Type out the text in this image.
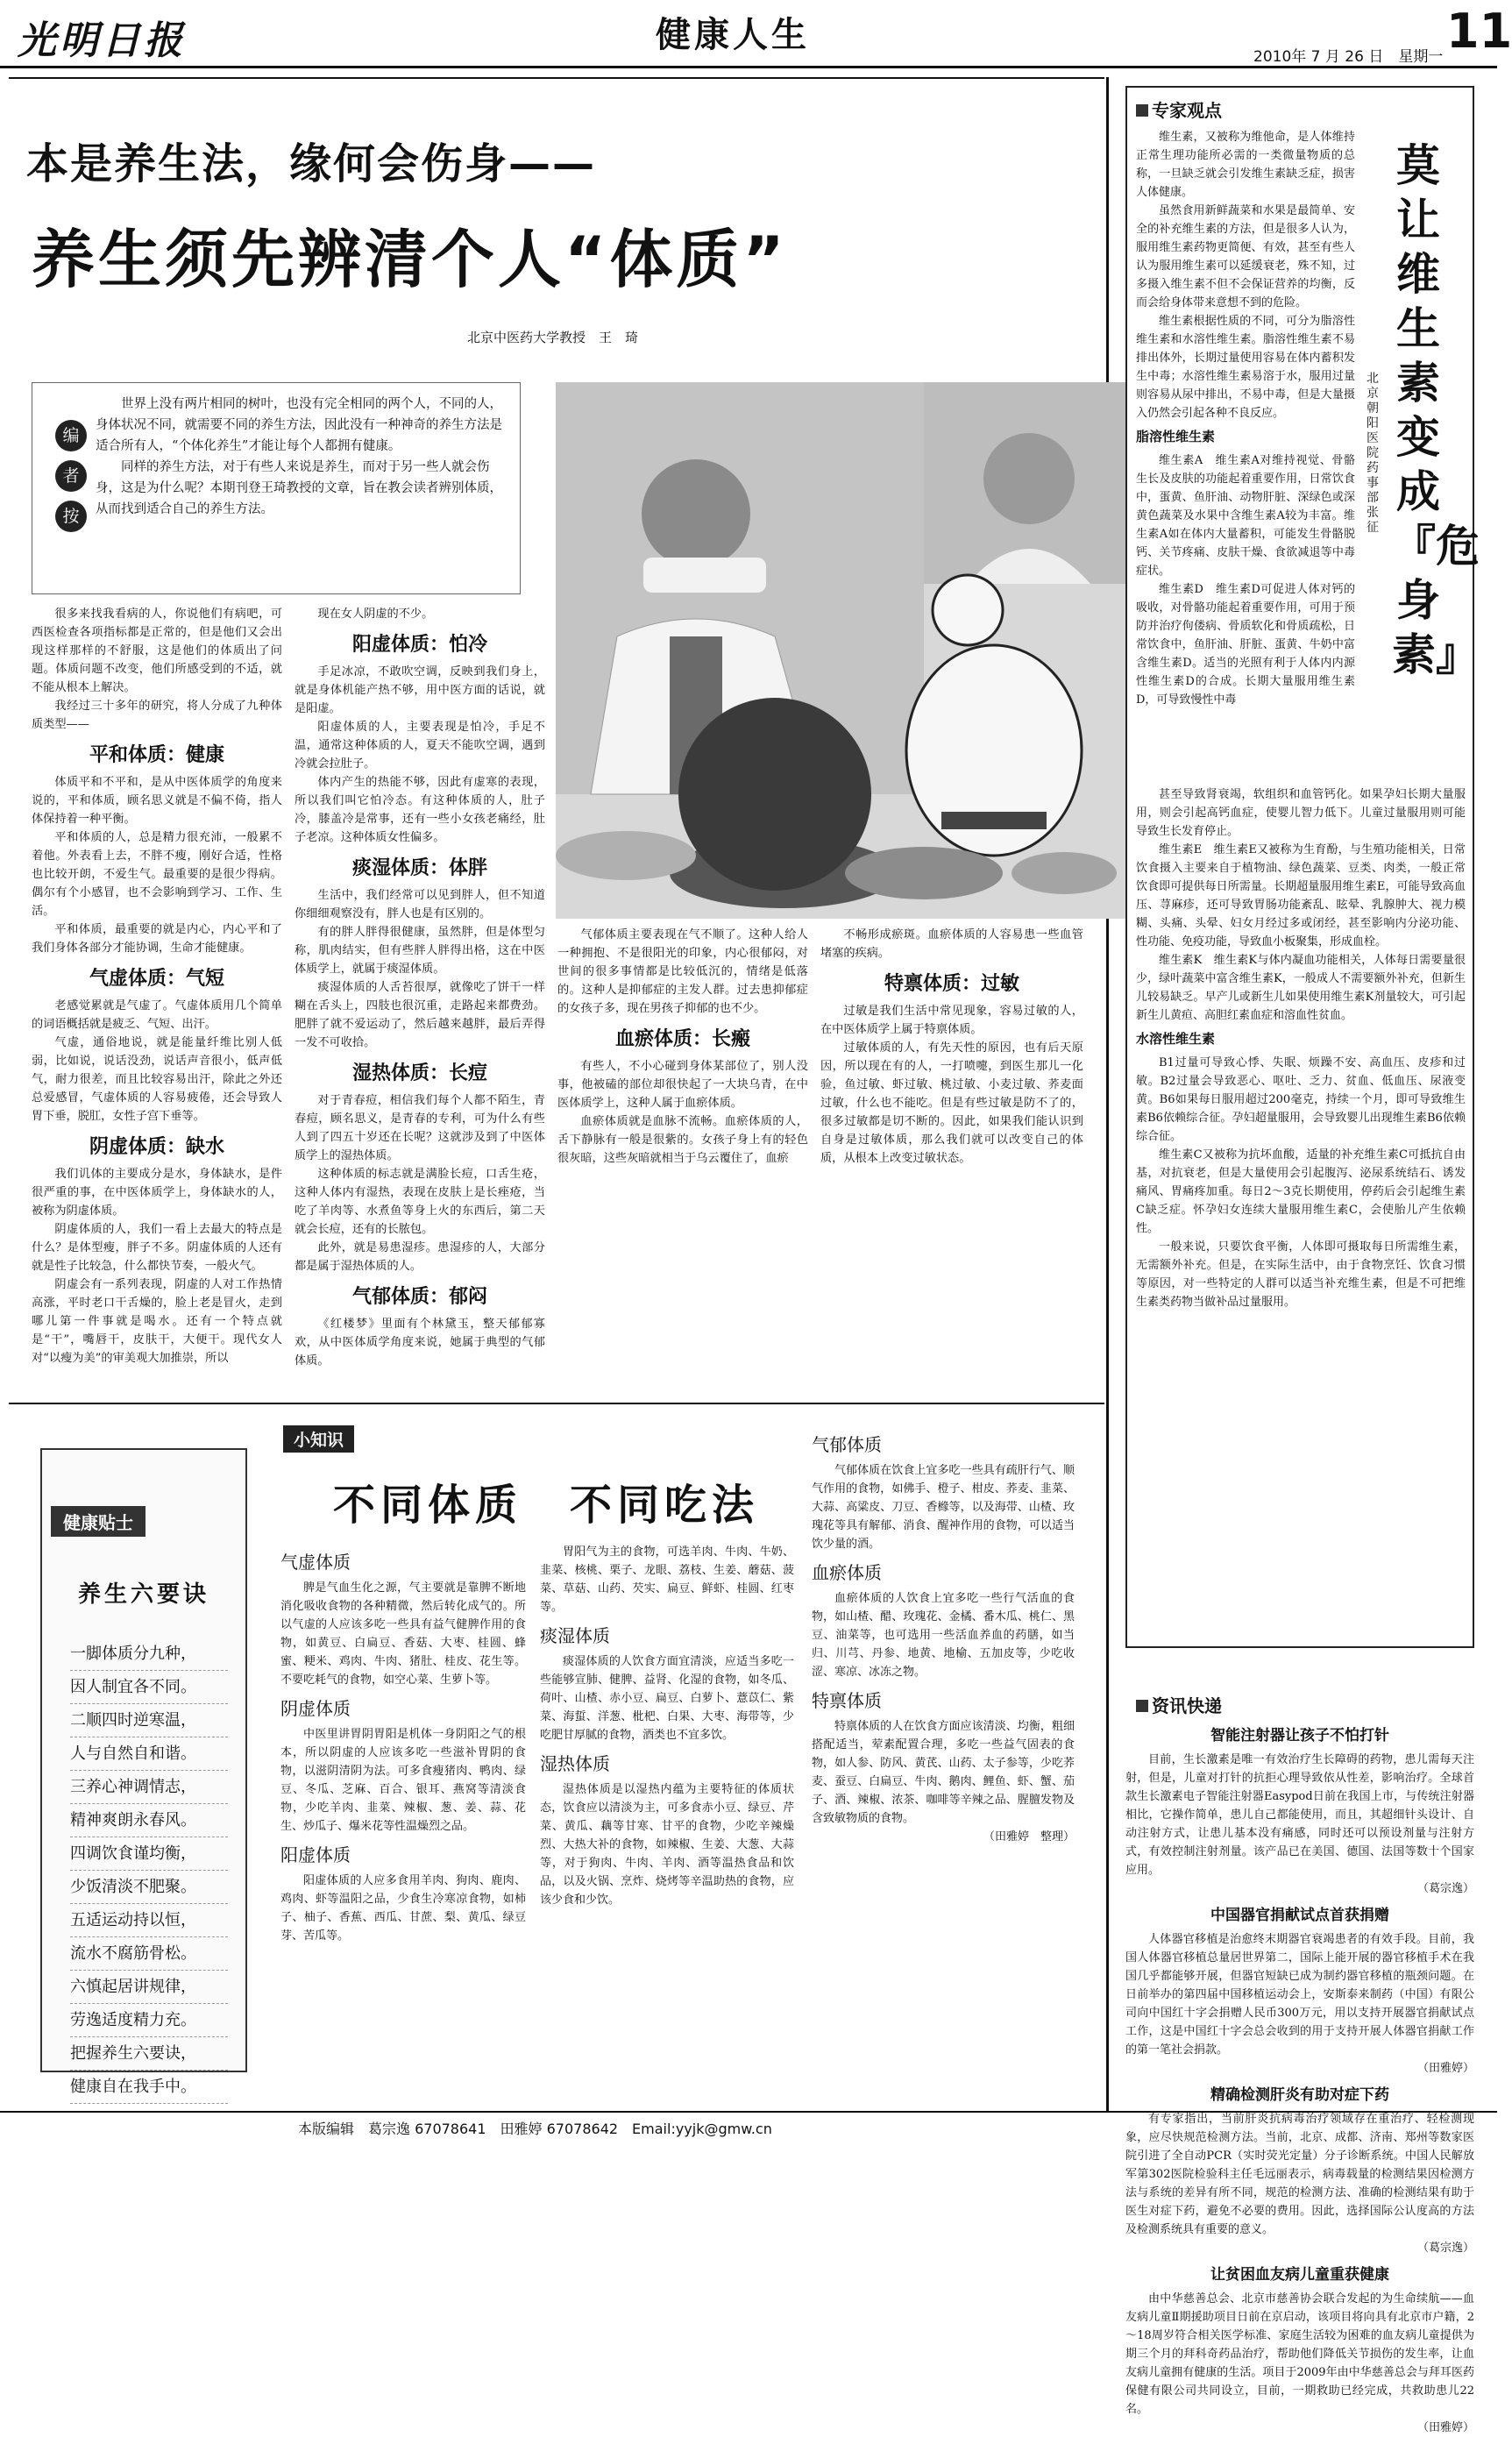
光明日报	健康人生
2010年 7 月 26 日　星期一 11
本是养生法，缘何会伤身——
养生须先辨清个人“体质”
北京中医药大学教授　王　琦
编
者
按

世界上没有两片相同的树叶，也没有完全相同的两个人，不同的人，身体状况不同，就需要不同的养生方法，因此没有一种神奇的养生方法是适合所有人，“个体化养生”才能让每个人都拥有健康。

同样的养生方法，对于有些人来说是养生，而对于另一些人就会伤身，这是为什么呢？本期刊登王琦教授的文章，旨在教会读者辨别体质，从而找到适合自己的养生方法。

很多来找我看病的人，你说他们有病吧，可西医检查各项指标都是正常的，但是他们又会出现这样那样的不舒服，这是他们的体质出了问题。体质问题不改变，他们所感受到的不适，就不能从根本上解决。

我经过三十多年的研究，将人分成了九种体质类型——

平和体质：健康

体质平和不平和，是从中医体质学的角度来说的，平和体质，顾名思义就是不偏不倚，指人体保持着一种平衡。

平和体质的人，总是精力很充沛，一般累不着他。外表看上去，不胖不瘦，刚好合适，性格也比较开朗，不爱生气。最重要的是很少得病。偶尔有个小感冒，也不会影响到学习、工作、生活。

平和体质，最重要的就是内心，内心平和了我们身体各部分才能协调，生命才能健康。

气虚体质：气短

老感觉累就是气虚了。气虚体质用几个简单的词语概括就是疲乏、气短、出汗。

气虚，通俗地说，就是能量纤维比别人低弱，比如说，说话没劲，说话声音很小，低声低气，耐力很差，而且比较容易出汗，除此之外还总爱感冒，气虚体质的人容易疲倦，还会导致人胃下垂，脱肛，女性子宫下垂等。

阴虚体质：缺水

我们讥体的主要成分是水，身体缺水，是件很严重的事，在中医体质学上，身体缺水的人，被称为阴虚体质。

阴虚体质的人，我们一看上去最大的特点是什么？是体型瘦，胖子不多。阴虚体质的人还有就是性子比较急，什么都快节奏，一般火气。

阴虚会有一系列表现，阴虚的人对工作热情高涨，平时老口干舌燥的，脸上老是冒火，走到哪儿第一件事就是喝水。还有一个特点就是“干”，嘴唇干，皮肤干，大便干。现代女人对“以瘦为美”的审美观大加推崇，所以

现在女人阴虚的不少。

阳虚体质：怕冷

手足冰凉，不敢吹空调，反映到我们身上，就是身体机能产热不够，用中医方面的话说，就是阳虚。

阳虚体质的人，主要表现是怕冷，手足不温，通常这种体质的人，夏天不能吹空调，遇到冷就会拉肚子。

体内产生的热能不够，因此有虚寒的表现，所以我们叫它怕冷态。有这种体质的人，肚子冷，膝盖冷是常事，还有一些小女孩老痛经，肚子老凉。这种体质女性偏多。

痰湿体质：体胖

生活中，我们经常可以见到胖人，但不知道你细细观察没有，胖人也是有区别的。

有的胖人胖得很健康，虽然胖，但是体型匀称，肌肉结实，但有些胖人胖得出格，这在中医体质学上，就属于痰湿体质。

痰湿体质的人舌苔很厚，就像吃了饼干一样糊在舌头上，四肢也很沉重，走路起来都费劲。肥胖了就不爱运动了，然后越来越胖，最后弄得一发不可收拾。

湿热体质：长痘

对于青春痘，相信我们每个人都不陌生，青春痘，顾名思义，是青春的专利，可为什么有些人到了四五十岁还在长呢？这就涉及到了中医体质学上的湿热体质。

这种体质的标志就是满脸长痘，口舌生疮，这种人体内有湿热，表现在皮肤上是长痤疮，当吃了羊肉等、水煮鱼等身上火的东西后，第二天就会长痘，还有的长脓包。

此外，就是易患湿疹。患湿疹的人，大部分都是属于湿热体质的人。

气郁体质：郁闷

《红楼梦》里面有个林黛玉，整天郁郁寡欢，从中医体质学角度来说，她属于典型的气郁体质。

气郁体质主要表现在气不顺了。这种人给人一种拥抱、不是很阳光的印象，内心很郁闷，对世间的很多事情都是比较低沉的，情绪是低落的。这种人是抑郁症的主发人群。过去患抑郁症的女孩子多，现在男孩子抑郁的也不少。

血瘀体质：长瘢

有些人，不小心碰到身体某部位了，别人没事，他被磕的部位却很快起了一大块乌青，在中医体质学上，这种人属于血瘀体质。

血瘀体质就是血脉不流畅。血瘀体质的人，舌下静脉有一般是很紫的。女孩子身上有的轻色很灰暗，这些灰暗就相当于乌云覆住了，血瘀

不畅形成瘀斑。血瘀体质的人容易患一些血管堵塞的疾病。

特禀体质：过敏

过敏是我们生活中常见现象，容易过敏的人，在中医体质学上属于特禀体质。

过敏体质的人，有先天性的原因，也有后天原因，所以现在有的人，一打喷嚏，到医生那儿一化验，鱼过敏、虾过敏、桃过敏、小麦过敏、荞麦面过敏，什么也不能吃。但是有些过敏是防不了的，很多过敏都是切不断的。因此，如果我们能认识到自身是过敏体质，那么我们就可以改变自己的体质，从根本上改变过敏状态。

健康贴士
养生六要诀
一脚体质分九种，
因人制宜各不同。
二顺四时逆寒温，
人与自然自和谐。
三养心神调情志，
精神爽朗永春风。
四调饮食谨均衡，
少饭清淡不肥聚。
五适运动持以恒，
流水不腐筋骨松。
六慎起居讲规律，
劳逸适度精力充。
把握养生六要诀，
健康自在我手中。
小知识
不同体质　不同吃法
气虚体质

脾是气血生化之源，气主要就是靠脾不断地消化吸收食物的各种精微，然后转化成气的。所以气虚的人应该多吃一些具有益气健脾作用的食物，如黄豆、白扁豆、香菇、大枣、桂圆、蜂蜜、粳米、鸡肉、牛肉、猪肚、桂皮、花生等。不要吃耗气的食物，如空心菜、生萝卜等。

阴虚体质

中医里讲胃阴胃阳是机体一身阴阳之气的根本，所以阴虚的人应该多吃一些滋补胃阴的食物，以滋阴清阴为法。可多食瘦猪肉、鸭肉、绿豆、冬瓜、芝麻、百合、银耳、燕窝等清淡食物，少吃羊肉、韭菜、辣椒、葱、姜、蒜、花生、炒瓜子、爆米花等性温燥烈之品。

阳虚体质

阳虚体质的人应多食用羊肉、狗肉、鹿肉、鸡肉、虾等温阳之品，少食生冷寒凉食物，如柿子、柚子、香蕉、西瓜、甘蔗、梨、黄瓜、绿豆芽、苦瓜等。

胃阳气为主的食物，可选羊肉、牛肉、牛奶、韭菜、核桃、栗子、龙眼、荔枝、生姜、蘑菇、菠菜、草菇、山药、芡实、扁豆、鲜虾、桂圆、红枣等。

痰湿体质

痰湿体质的人饮食方面宜清淡，应适当多吃一些能够宣肺、健脾、益肾、化湿的食物，如冬瓜、荷叶、山楂、赤小豆、扁豆、白萝卜、薏苡仁、紫菜、海蜇、洋葱、枇杷、白果、大枣、海带等，少吃肥甘厚腻的食物，酒类也不宜多饮。

湿热体质

湿热体质是以湿热内蕴为主要特征的体质状态，饮食应以清淡为主，可多食赤小豆、绿豆、芹菜、黄瓜、藕等甘寒、甘平的食物，少吃辛辣燥烈、大热大补的食物，如辣椒、生姜、大葱、大蒜等，对于狗肉、牛肉、羊肉、酒等温热食品和饮品，以及火锅、烹炸、烧烤等辛温助热的食物，应该少食和少饮。

气郁体质

气郁体质在饮食上宜多吃一些具有疏肝行气、顺气作用的食物，如佛手、橙子、柑皮、荞麦、韭菜、大蒜、高粱皮、刀豆、香橼等，以及海带、山楂、玫瑰花等具有解郁、消食、醒神作用的食物，可以适当饮少量的酒。

血瘀体质

血瘀体质的人饮食上宜多吃一些行气活血的食物，如山楂、醋、玫瑰花、金橘、番木瓜、桃仁、黑豆、油菜等，也可选用一些活血养血的药膳，如当归、川芎、丹参、地黄、地榆、五加皮等，少吃收涩、寒凉、冰冻之物。

特禀体质

特禀体质的人在饮食方面应该清淡、均衡，粗细搭配适当，荤素配置合理，多吃一些益气固表的食物，如人参、防风、黄芪、山药、太子参等，少吃荞麦、蚕豆、白扁豆、牛肉、鹅肉、鲤鱼、虾、蟹、茄子、酒、辣椒、浓茶、咖啡等辛辣之品、腥膻发物及含致敏物质的食物。

（田雅婷　整理）

专家观点
莫让维生素变成『危身素』
北京朝阳医院药事部　张征

维生素，又被称为维他命，是人体维持正常生理功能所必需的一类微量物质的总称，一旦缺乏就会引发维生素缺乏症，损害人体健康。

虽然食用新鲜蔬菜和水果是最简单、安全的补充维生素的方法，但是很多人认为，服用维生素药物更简便、有效，甚至有些人认为服用维生素可以延缓衰老，殊不知，过多摄入维生素不但不会保证营养的均衡，反而会给身体带来意想不到的危险。

维生素根据性质的不同，可分为脂溶性维生素和水溶性维生素。脂溶性维生素不易排出体外，长期过量使用容易在体内蓄积发生中毒；水溶性维生素易溶于水，服用过量则容易从尿中排出，不易中毒，但是大量摄入仍然会引起各种不良反应。

脂溶性维生素

维生素A　维生素A对维持视觉、骨骼生长及皮肤的功能起着重要作用，日常饮食中，蛋黄、鱼肝油、动物肝脏、深绿色或深黄色蔬菜及水果中含维生素A较为丰富。维生素A如在体内大量蓄积，可能发生骨骼脱钙、关节疼痛、皮肤干燥、食欲减退等中毒症状。

维生素D　维生素D可促进人体对钙的吸收，对骨骼功能起着重要作用，可用于预防并治疗佝偻病、骨质软化和骨质疏松，日常饮食中，鱼肝油、肝脏、蛋黄、牛奶中富含维生素D。适当的光照有利于人体内内源性维生素D的合成。长期大量服用维生素D，可导致慢性中毒

甚至导致肾衰竭，软组织和血管钙化。如果孕妇长期大量服用，则会引起高钙血症，使婴儿智力低下。儿童过量服用则可能导致生长发育停止。

维生素E　维生素E又被称为生育酚，与生殖功能相关，日常饮食摄入主要来自于植物油、绿色蔬菜、豆类、肉类，一般正常饮食即可提供每日所需量。长期超量服用维生素E，可能导致高血压、荨麻疹，还可导致胃肠功能紊乱、眩晕、乳腺肿大、视力模糊、头痛、头晕、妇女月经过多或闭经，甚至影响内分泌功能、性功能、免疫功能，导致血小板聚集，形成血栓。

维生素K　维生素K与体内凝血功能相关，人体每日需要量很少，绿叶蔬菜中富含维生素K，一般成人不需要额外补充，但新生儿较易缺乏。早产儿或新生儿如果使用维生素K剂量较大，可引起新生儿黄疸、高胆红素血症和溶血性贫血。

水溶性维生素

B1过量可导致心悸、失眠、烦躁不安、高血压、皮疹和过敏。B2过量会导致恶心、呕吐、乏力、贫血、低血压、尿液变黄。B6如果每日服用超过200毫克，持续一个月，即可导致维生素B6依赖综合征。孕妇超量服用，会导致婴儿出现维生素B6依赖综合征。

维生素C又被称为抗坏血酸，适量的补充维生素C可抵抗自由基，对抗衰老，但是大量使用会引起腹泻、泌尿系统结石、诱发痛风、胃痛疼加重。每日2～3克长期使用，停药后会引起维生素C缺乏症。怀孕妇女连续大量服用维生素C，会使胎儿产生依赖性。

一般来说，只要饮食平衡，人体即可摄取每日所需维生素，无需额外补充。但是，在实际生活中，由于食物烹饪、饮食习惯等原因，对一些特定的人群可以适当补充维生素，但是不可把维生素类药物当做补品过量服用。

资讯快递
智能注射器让孩子不怕打针

目前，生长激素是唯一有效治疗生长障碍的药物，患儿需每天注射，但是，儿童对打针的抗拒心理导致依从性差，影响治疗。全球首款生长激素电子智能注射器Easypod日前在我国上市，与传统注射器相比，它操作简单，患儿自己都能使用，而且，其超细针头设计、自动注射方式，让患儿基本没有痛感，同时还可以预设剂量与注射方式，有效控制注射剂量。该产品已在美国、德国、法国等数十个国家应用。

（葛宗逸）

中国器官捐献试点首获捐赠

人体器官移植是治愈终末期器官衰竭患者的有效手段。目前，我国人体器官移植总量居世界第二，国际上能开展的器官移植手术在我国几乎都能够开展，但器官短缺已成为制约器官移植的瓶颈问题。在日前举办的第四届中国移植运动会上，安斯泰来制药（中国）有限公司向中国红十字会捐赠人民币300万元，用以支持开展器官捐献试点工作，这是中国红十字会总会收到的用于支持开展人体器官捐献工作的第一笔社会捐款。

（田雅婷）

精确检测肝炎有助对症下药

有专家指出，当前肝炎抗病毒治疗领域存在重治疗、轻检测现象，应尽快规范检测方法。当前，北京、成都、济南、郑州等数家医院引进了全自动PCR（实时荧光定量）分子诊断系统。中国人民解放军第302医院检验科主任毛远丽表示，病毒载量的检测结果因检测方法与系统的差异有所不同，规范的检测方法、准确的检测结果有助于医生对症下药，避免不必要的费用。因此，选择国际公认度高的方法及检测系统具有重要的意义。

（葛宗逸）

让贫困血友病儿童重获健康

由中华慈善总会、北京市慈善协会联合发起的为生命续航——血友病儿童Ⅱ期援助项目日前在京启动，该项目将向具有北京市户籍，2～18周岁符合相关医学标准、家庭生活较为困难的血友病儿童提供为期三个月的拜科奇药品治疗，帮助他们降低关节损伤的发生率，让血友病儿童拥有健康的生活。项目于2009年由中华慈善总会与拜耳医药保健有限公司共同设立，目前，一期救助已经完成，共救助患儿22名。

（田雅婷）

本版编辑　葛宗逸 67078641　田雅婷 67078642　Email:yyjk@gmw.cn
